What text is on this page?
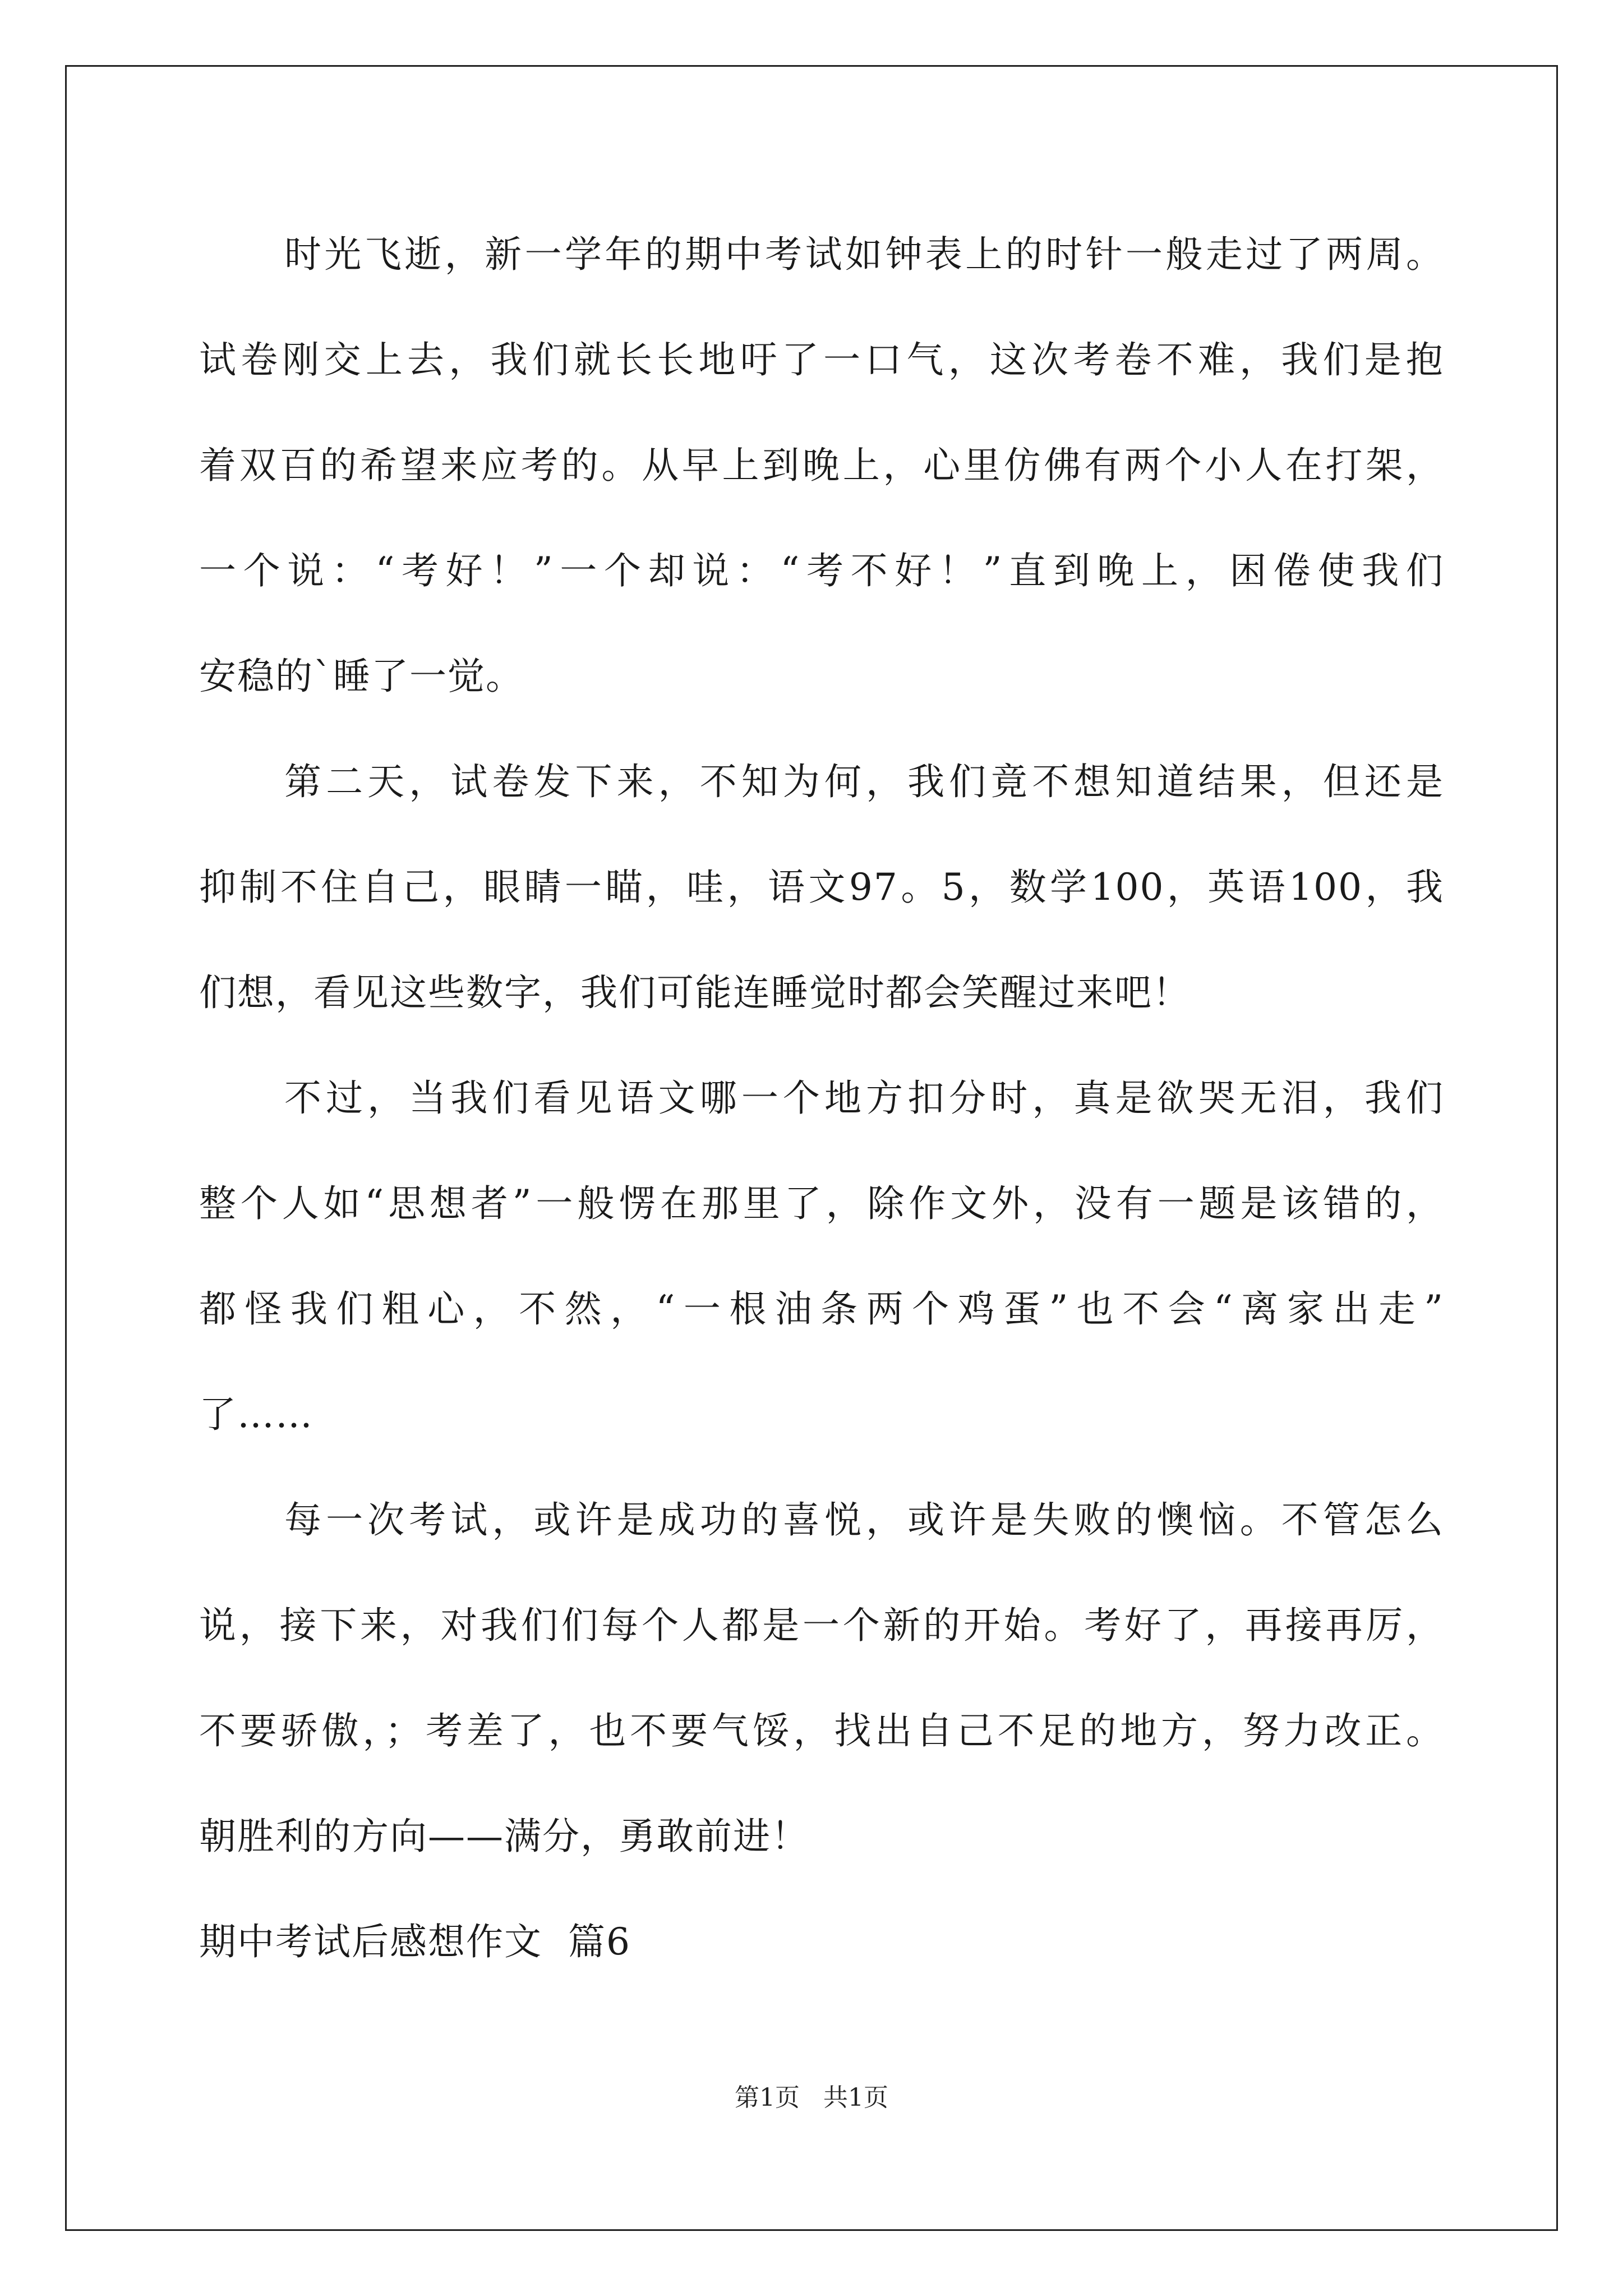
时光飞逝，新一学年的期中考试如钟表上的时针一般走过了两周。
试卷刚交上去，我们就长长地吁了一口气，这次考卷不难，我们是抱
着双百的希望来应考的。从早上到晚上，心里仿佛有两个小人在打架，
一个说：“考好！”一个却说：“考不好！”直到晚上，困倦使我们
安稳的`睡了一觉。
第二天，试卷发下来，不知为何，我们竟不想知道结果，但还是
抑制不住自己，眼睛一瞄，哇，语文97。5，数学100，英语100，我
们想，看见这些数字，我们可能连睡觉时都会笑醒过来吧！
不过，当我们看见语文哪一个地方扣分时，真是欲哭无泪，我们
整个人如“思想者”一般愣在那里了，除作文外，没有一题是该错的，
都怪我们粗心，不然，“一根油条两个鸡蛋”也不会“离家出走”
了……
每一次考试，或许是成功的喜悦，或许是失败的懊恼。不管怎么
说，接下来，对我们们每个人都是一个新的开始。考好了，再接再厉，
不要骄傲，；考差了，也不要气馁，找出自己不足的地方，努力改正。
朝胜利的方向——满分，勇敢前进！
期中考试后感想作文  篇6
第1页   共1页
